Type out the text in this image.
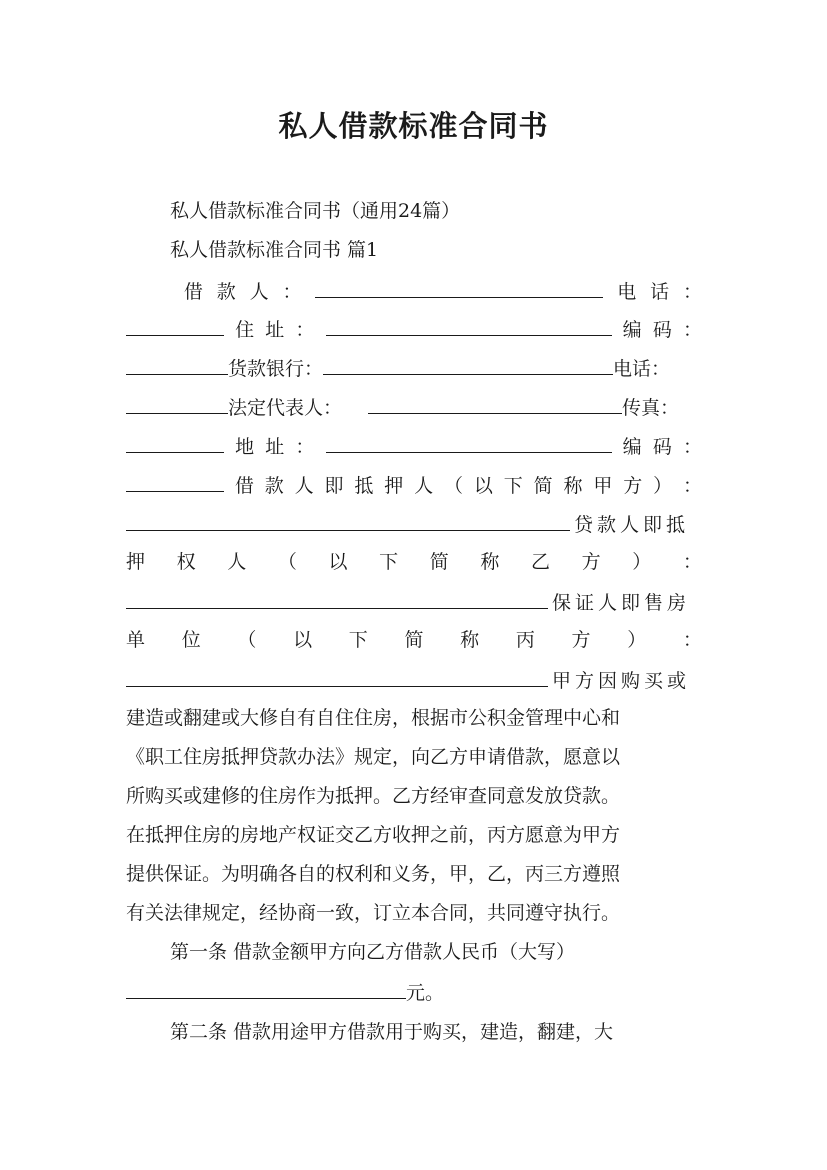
私人借款标准合同书
私人借款标准合同书（通用24篇）
私人借款标准合同书 篇1
借 款 人 ：	电 话 ：
住 址 ：	编 码 ：
货款银行：	电话：
法定代表人：	传真：
地 址 ：	编 码 ：
借 款 人 即 抵 押 人 （ 以 下 简 称 甲 方 ） ：
贷款人即抵
押 权 人 （ 以 下 简 称 乙 方 ） ：
保证人即售房
单 位 （ 以 下 简 称 丙 方 ） ：
甲方因购买或
建造或翻建或大修自有自住住房，根据市公积金管理中心和
《职工住房抵押贷款办法》规定，向乙方申请借款，愿意以
所购买或建修的住房作为抵押。乙方经审查同意发放贷款。
在抵押住房的房地产权证交乙方收押之前，丙方愿意为甲方
提供保证。为明确各自的权利和义务，甲，乙，丙三方遵照
有关法律规定，经协商一致，订立本合同，共同遵守执行。
第一条 借款金额甲方向乙方借款人民币（大写）
元。
第二条 借款用途甲方借款用于购买，建造，翻建，大
